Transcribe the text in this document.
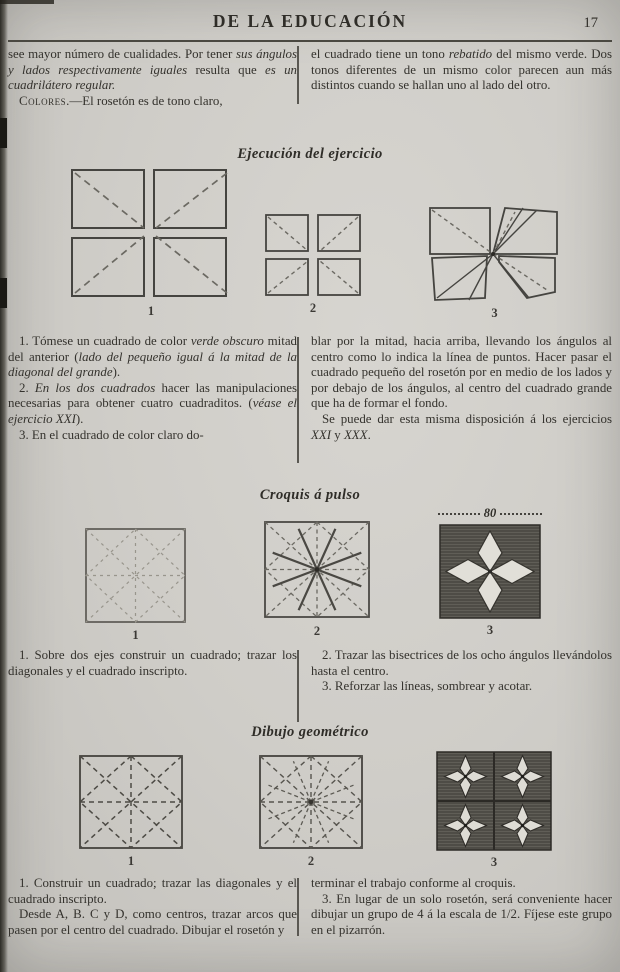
DE LA EDUCACIÓN	17

see mayor número de cualidades. Por tener sus ángulos y lados respectivamente iguales resulta que es un cuadrilátero regular.

Colores.—El rosetón es de tono claro,

el cuadrado tiene un tono rebatido del mismo verde. Dos tonos diferentes de un mismo color parecen aun más distintos cuando se hallan uno al lado del otro.

Ejecución del ejercicio
1	2	3

1. Tómese un cuadrado de color verde obscuro mitad del anterior (lado del pequeño igual á la mitad de la diagonal del grande).

2. En los dos cuadrados hacer las manipulaciones necesarias para obtener cuatro cuadraditos. (véase el ejercicio XXI).

3. En el cuadrado de color claro do-

blar por la mitad, hacia arriba, llevando los ángulos al centro como lo indica la línea de puntos. Hacer pasar el cuadrado pequeño del rosetón por en medio de los lados y por debajo de los ángulos, al centro del cuadrado grande que ha de formar el fondo.

Se puede dar esta misma disposición á los ejercicios XXI y XXX.

Croquis á pulso
1	2
80
3

1. Sobre dos ejes construir un cuadrado; trazar los diagonales y el cuadrado inscripto.

2. Trazar las bisectrices de los ocho ángulos llevándolos hasta el centro.

3. Reforzar las líneas, sombrear y acotar.

Dibujo geométrico
1	2	3

1. Construir un cuadrado; trazar las diagonales y el cuadrado inscripto.

Desde A, B. C y D, como centros, trazar arcos que pasen por el centro del cuadrado. Dibujar el rosetón y

terminar el trabajo conforme al croquis.

3. En lugar de un solo rosetón, será conveniente hacer dibujar un grupo de 4 á la escala de 1/2. Fíjese este grupo en el pizarrón.
